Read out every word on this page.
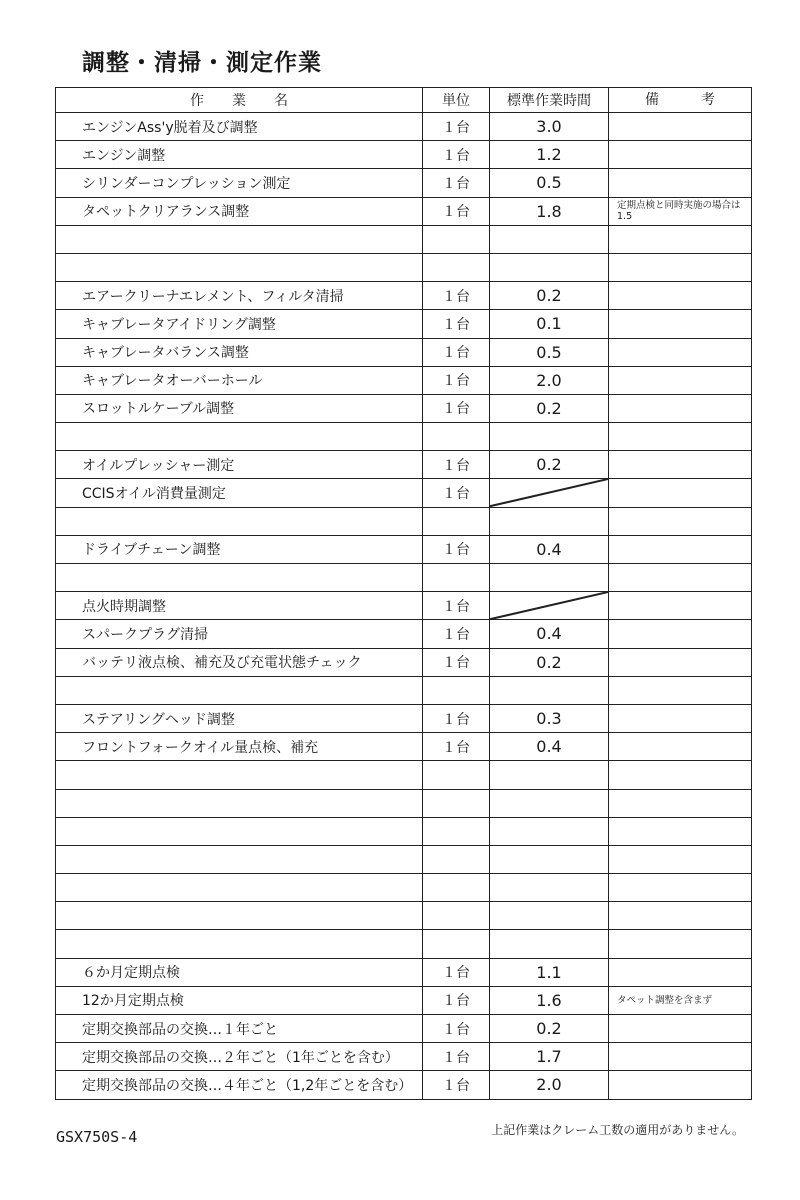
調整・清掃・測定作業
作　　業　　名	単位	標準作業時間	備　　　考
エンジンAss'y脱着及び調整	１台	3.0	
エンジン調整	１台	1.2	
シリンダーコンプレッション測定	１台	0.5	
タペットクリアランス調整	１台	1.8	定期点検と同時実施の場合は1.5

エアークリーナエレメント、フィルタ清掃	１台	0.2	
キャブレータアイドリング調整	１台	0.1	
キャブレータバランス調整	１台	0.5	
キャブレータオーバーホール	１台	2.0	
スロットルケーブル調整	１台	0.2	

オイルプレッシャー測定	１台	0.2	
CCISオイル消費量測定	１台	

ドライブチェーン調整	１台	0.4	

点火時期調整	１台	

スパークプラグ清掃	１台	0.4	
バッテリ液点検、補充及び充電状態チェック	１台	0.2	

ステアリングヘッド調整	１台	0.3	
フロントフォークオイル量点検、補充	１台	0.4	

６か月定期点検	１台	1.1	
12か月定期点検	１台	1.6	タペット調整を含まず
定期交換部品の交換…１年ごと	１台	0.2	
定期交換部品の交換…２年ごと（1年ごとを含む）	１台	1.7	
定期交換部品の交換…４年ごと（1,2年ごとを含む）	１台	2.0	
GSX750S-4	上記作業はクレーム工数の適用がありません。
